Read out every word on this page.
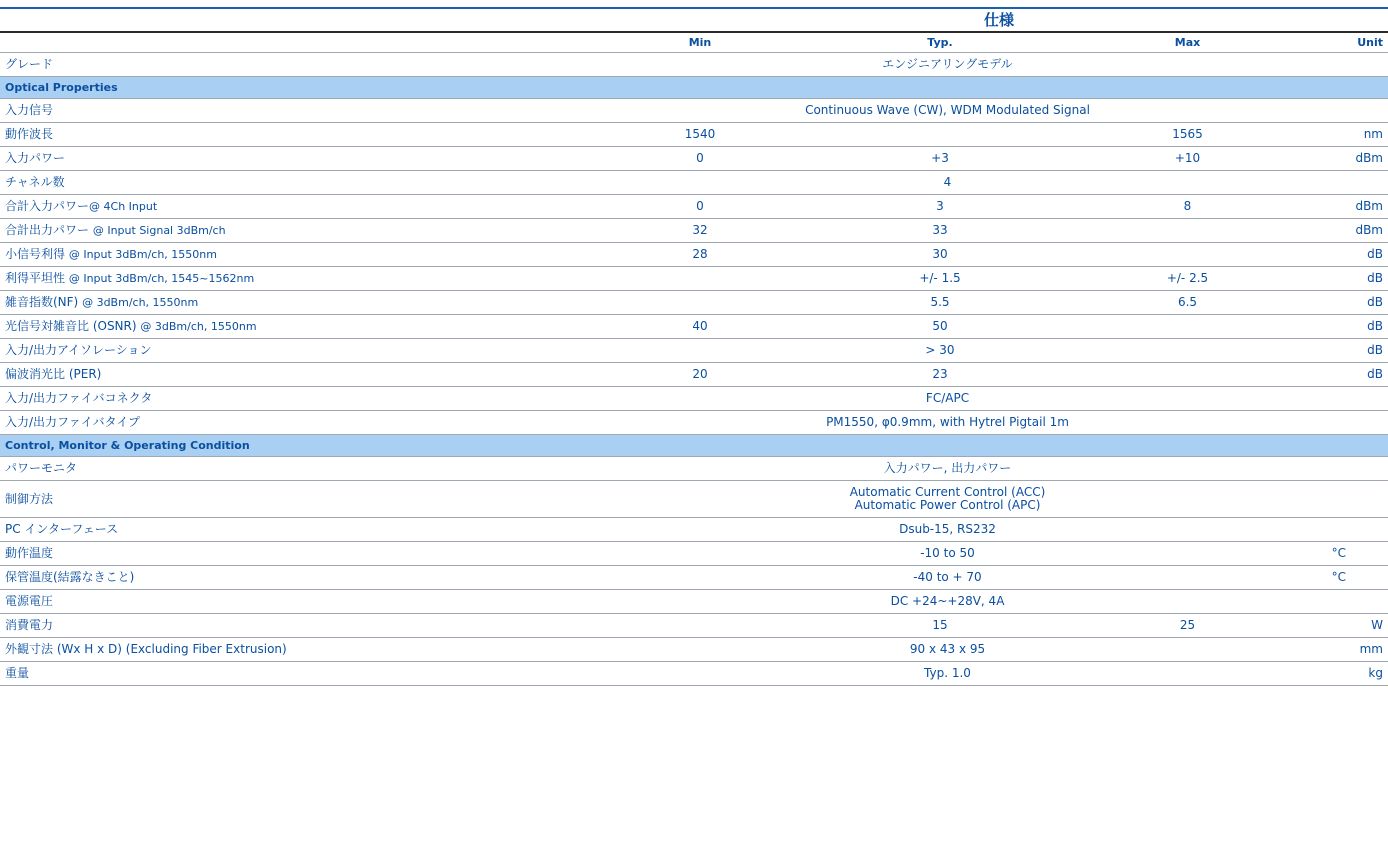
	仕様			
	Min	Typ.	Max	Unit
グレード	エンジニアリングモデル			
Optical Properties				
入力信号	Continuous Wave (CW), WDM Modulated Signal			
動作波長	1540		1565	nm
入力パワー	0	+3	+10	dBm
チャネル数	4			
合計入力パワー@ 4Ch Input	0	3	8	dBm
合計出力パワー @ Input Signal 3dBm/ch	32	33		dBm
小信号利得 @ Input 3dBm/ch, 1550nm	28	30		dB
利得平坦性 @ Input 3dBm/ch, 1545~1562nm		+/- 1.5	+/- 2.5	dB
雑音指数(NF) @ 3dBm/ch, 1550nm		5.5	6.5	dB
光信号対雑音比 (OSNR) @ 3dBm/ch, 1550nm	40	50		dB
入力/出力アイソレーション		> 30		dB
偏波消光比 (PER)	20	23		dB
入力/出力ファイバコネクタ	FC/APC			
入力/出力ファイバタイプ	PM1550, φ0.9mm, with Hytrel Pigtail 1m			
Control, Monitor & Operating Condition				
パワーモニタ	入力パワー, 出力パワー			
制御方法	Automatic Current Control (ACC)
Automatic Power Control (APC)			

PC インターフェース	Dsub-15, RS232			
動作温度	-10 to 50			°C
保管温度(結露なきこと)	-40 to + 70			°C
電源電圧	DC +24~+28V, 4A			
消費電力		15	25	W
外観寸法 (Wx H x D) (Excluding Fiber Extrusion)	90 x 43 x 95			mm
重量	Typ. 1.0			kg
